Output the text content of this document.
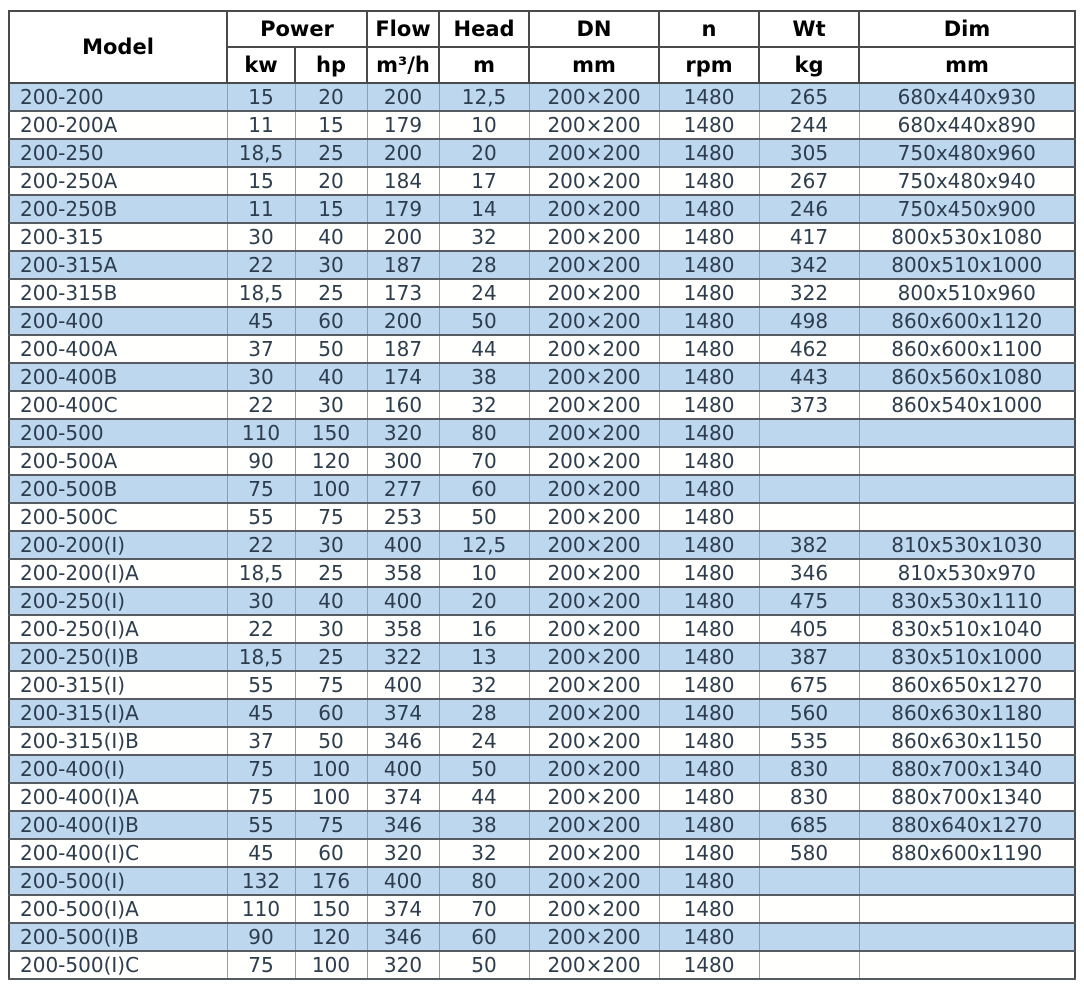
Model	Power		Flow	Head	DN	n	Wt	Dim
	kw	hp	m³/h	m	mm	rpm	kg	mm
200-200	15	20	200	12,5	200×200	1480	265	680x440x930
200-200A	11	15	179	10	200×200	1480	244	680x440x890
200-250	18,5	25	200	20	200×200	1480	305	750x480x960
200-250A	15	20	184	17	200×200	1480	267	750x480x940
200-250B	11	15	179	14	200×200	1480	246	750x450x900
200-315	30	40	200	32	200×200	1480	417	800x530x1080
200-315A	22	30	187	28	200×200	1480	342	800x510x1000
200-315B	18,5	25	173	24	200×200	1480	322	800x510x960
200-400	45	60	200	50	200×200	1480	498	860x600x1120
200-400A	37	50	187	44	200×200	1480	462	860x600x1100
200-400B	30	40	174	38	200×200	1480	443	860x560x1080
200-400C	22	30	160	32	200×200	1480	373	860x540x1000
200-500	110	150	320	80	200×200	1480		
200-500A	90	120	300	70	200×200	1480		
200-500B	75	100	277	60	200×200	1480		
200-500C	55	75	253	50	200×200	1480		
200-200(I)	22	30	400	12,5	200×200	1480	382	810x530x1030
200-200(I)A	18,5	25	358	10	200×200	1480	346	810x530x970
200-250(I)	30	40	400	20	200×200	1480	475	830x530x1110
200-250(I)A	22	30	358	16	200×200	1480	405	830x510x1040
200-250(I)B	18,5	25	322	13	200×200	1480	387	830x510x1000
200-315(I)	55	75	400	32	200×200	1480	675	860x650x1270
200-315(I)A	45	60	374	28	200×200	1480	560	860x630x1180
200-315(I)B	37	50	346	24	200×200	1480	535	860x630x1150
200-400(I)	75	100	400	50	200×200	1480	830	880x700x1340
200-400(I)A	75	100	374	44	200×200	1480	830	880x700x1340
200-400(I)B	55	75	346	38	200×200	1480	685	880x640x1270
200-400(I)C	45	60	320	32	200×200	1480	580	880x600x1190
200-500(I)	132	176	400	80	200×200	1480		
200-500(I)A	110	150	374	70	200×200	1480		
200-500(I)B	90	120	346	60	200×200	1480		
200-500(I)C	75	100	320	50	200×200	1480		
